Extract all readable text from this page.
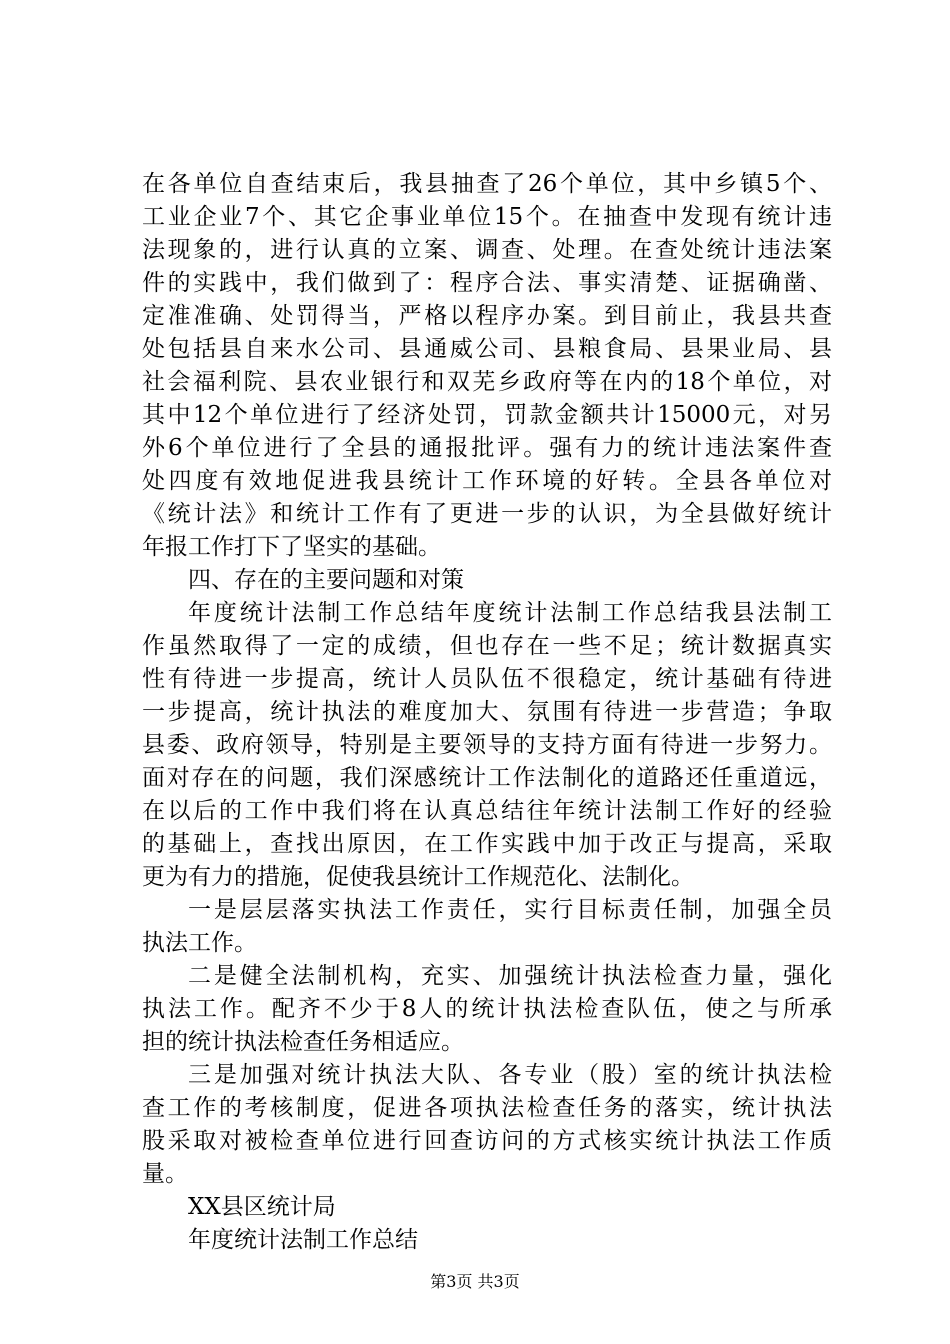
在各单位自查结束后，我县抽查了26个单位，其中乡镇5个、
工业企业7个、其它企事业单位15个。在抽查中发现有统计违
法现象的，进行认真的立案、调查、处理。在查处统计违法案
件的实践中，我们做到了：程序合法、事实清楚、证据确凿、
定准准确、处罚得当，严格以程序办案。到目前止，我县共查
处包括县自来水公司、县通威公司、县粮食局、县果业局、县
社会福利院、县农业银行和双芜乡政府等在内的18个单位，对
其中12个单位进行了经济处罚，罚款金额共计15000元，对另
外6个单位进行了全县的通报批评。强有力的统计违法案件查
处四度有效地促进我县统计工作环境的好转。全县各单位对
《统计法》和统计工作有了更进一步的认识，为全县做好统计
年报工作打下了坚实的基础。
四、存在的主要问题和对策
年度统计法制工作总结年度统计法制工作总结我县法制工
作虽然取得了一定的成绩，但也存在一些不足；统计数据真实
性有待进一步提高，统计人员队伍不很稳定，统计基础有待进
一步提高，统计执法的难度加大、氛围有待进一步营造；争取
县委、政府领导，特别是主要领导的支持方面有待进一步努力。
面对存在的问题，我们深感统计工作法制化的道路还任重道远，
在以后的工作中我们将在认真总结往年统计法制工作好的经验
的基础上，查找出原因，在工作实践中加于改正与提高，采取
更为有力的措施，促使我县统计工作规范化、法制化。
一是层层落实执法工作责任，实行目标责任制，加强全员
执法工作。
二是健全法制机构，充实、加强统计执法检查力量，强化
执法工作。配齐不少于8人的统计执法检查队伍，使之与所承
担的统计执法检查任务相适应。
三是加强对统计执法大队、各专业（股）室的统计执法检
查工作的考核制度，促进各项执法检查任务的落实，统计执法
股采取对被检查单位进行回查访问的方式核实统计执法工作质
量。
XX县区统计局
年度统计法制工作总结
第3页 共3页
